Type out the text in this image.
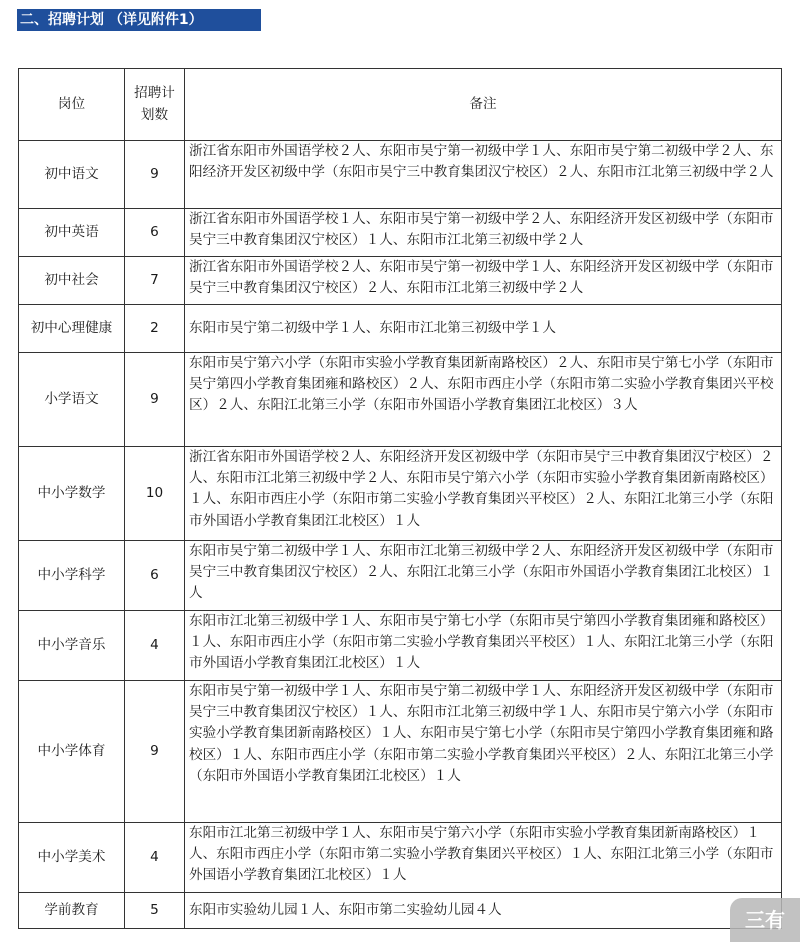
二、招聘计划 （详见附件1）
岗位	招聘计划数	备注
初中语文	9	浙江省东阳市外国语学校２人、东阳市吴宁第一初级中学１人、东阳市吴宁第二初级中学２人、东阳经济开发区初级中学（东阳市吴宁三中教育集团汉宁校区）２人、东阳市江北第三初级中学２人
初中英语	6	浙江省东阳市外国语学校１人、东阳市吴宁第一初级中学２人、东阳经济开发区初级中学（东阳市吴宁三中教育集团汉宁校区）１人、东阳市江北第三初级中学２人
初中社会	7	浙江省东阳市外国语学校２人、东阳市吴宁第一初级中学１人、东阳经济开发区初级中学（东阳市吴宁三中教育集团汉宁校区）２人、东阳市江北第三初级中学２人
初中心理健康	2	东阳市吴宁第二初级中学１人、东阳市江北第三初级中学１人
小学语文	9	东阳市吴宁第六小学（东阳市实验小学教育集团新南路校区）２人、东阳市吴宁第七小学（东阳市吴宁第四小学教育集团雍和路校区）２人、东阳市西庄小学（东阳市第二实验小学教育集团兴平校区）２人、东阳江北第三小学（东阳市外国语小学教育集团江北校区）３人
中小学数学	10	浙江省东阳市外国语学校２人、东阳经济开发区初级中学（东阳市吴宁三中教育集团汉宁校区）２人、东阳市江北第三初级中学２人、东阳市吴宁第六小学（东阳市实验小学教育集团新南路校区）１人、东阳市西庄小学（东阳市第二实验小学教育集团兴平校区）２人、东阳江北第三小学（东阳市外国语小学教育集团江北校区）１人
中小学科学	6	东阳市吴宁第二初级中学１人、东阳市江北第三初级中学２人、东阳经济开发区初级中学（东阳市吴宁三中教育集团汉宁校区）２人、东阳江北第三小学（东阳市外国语小学教育集团江北校区）１人
中小学音乐	4	东阳市江北第三初级中学１人、东阳市吴宁第七小学（东阳市吴宁第四小学教育集团雍和路校区）１人、东阳市西庄小学（东阳市第二实验小学教育集团兴平校区）１人、东阳江北第三小学（东阳市外国语小学教育集团江北校区）１人
中小学体育	9	东阳市吴宁第一初级中学１人、东阳市吴宁第二初级中学１人、东阳经济开发区初级中学（东阳市吴宁三中教育集团汉宁校区）１人、东阳市江北第三初级中学１人、东阳市吴宁第六小学（东阳市实验小学教育集团新南路校区）１人、东阳市吴宁第七小学（东阳市吴宁第四小学教育集团雍和路校区）１人、东阳市西庄小学（东阳市第二实验小学教育集团兴平校区）２人、东阳江北第三小学（东阳市外国语小学教育集团江北校区）１人
中小学美术	4	东阳市江北第三初级中学１人、东阳市吴宁第六小学（东阳市实验小学教育集团新南路校区）１人、东阳市西庄小学（东阳市第二实验小学教育集团兴平校区）１人、东阳江北第三小学（东阳市外国语小学教育集团江北校区）１人
学前教育	5	东阳市实验幼儿园１人、东阳市第二实验幼儿园４人	三有
